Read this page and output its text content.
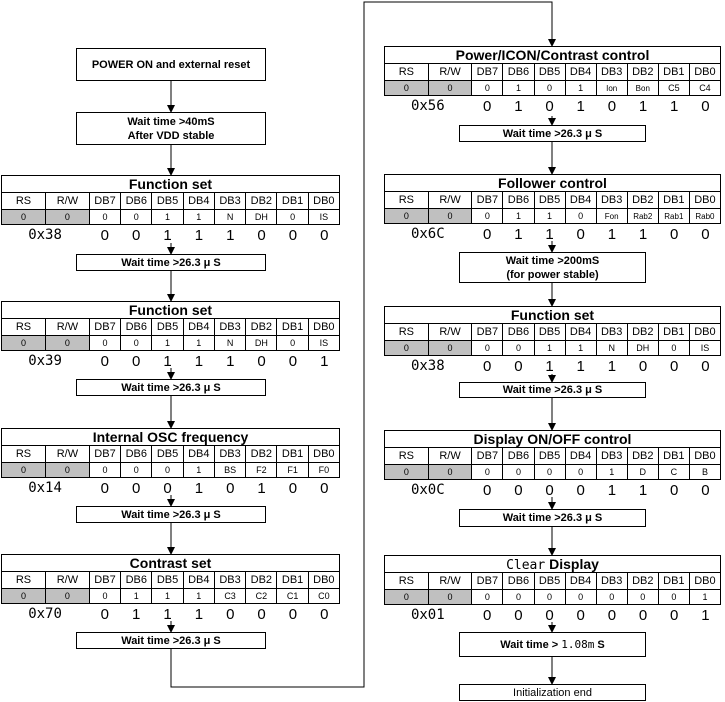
POWER ON and external reset
Wait time >40mS
After VDD stable
Function set
RS	R/W	DB7	DB6	DB5	DB4	DB3	DB2	DB1	DB0
0	0	0	0	1	1	N	DH	0	IS
0x38	0	0	1	1	1	0	0	0
Wait time >26.3 μ S
Function set
RS	R/W	DB7	DB6	DB5	DB4	DB3	DB2	DB1	DB0
0	0	0	0	1	1	N	DH	0	IS
0x39	0	0	1	1	1	0	0	1
Wait time >26.3 μ S
Internal OSC frequency
RS	R/W	DB7	DB6	DB5	DB4	DB3	DB2	DB1	DB0
0	0	0	0	0	1	BS	F2	F1	F0
0x14	0	0	0	1	0	1	0	0
Wait time >26.3 μ S
Contrast set
RS	R/W	DB7	DB6	DB5	DB4	DB3	DB2	DB1	DB0
0	0	0	1	1	1	C3	C2	C1	C0
0x70	0	1	1	1	0	0	0	0
Wait time >26.3 μ S
Power/ICON/Contrast control
RS	R/W	DB7	DB6	DB5	DB4	DB3	DB2	DB1	DB0
0	0	0	1	0	1	Ion	Bon	C5	C4
0x56	0	1	0	1	0	1	1	0
Wait time >26.3 μ S
Follower control
RS	R/W	DB7	DB6	DB5	DB4	DB3	DB2	DB1	DB0
0	0	0	1	1	0	Fon	Rab2	Rab1	Rab0
0x6C	0	1	1	0	1	1	0	0
Wait time >200mS
(for power stable)
Function set
RS	R/W	DB7	DB6	DB5	DB4	DB3	DB2	DB1	DB0
0	0	0	0	1	1	N	DH	0	IS
0x38	0	0	1	1	1	0	0	0
Wait time >26.3 μ S
Display ON/OFF control
RS	R/W	DB7	DB6	DB5	DB4	DB3	DB2	DB1	DB0
0	0	0	0	0	0	1	D	C	B
0x0C	0	0	0	0	1	1	0	0
Wait time >26.3 μ S
Clear Display
RS	R/W	DB7	DB6	DB5	DB4	DB3	DB2	DB1	DB0
0	0	0	0	0	0	0	0	0	1
0x01	0	0	0	0	0	0	0	1
Wait time > 1.08m S
Initialization end
